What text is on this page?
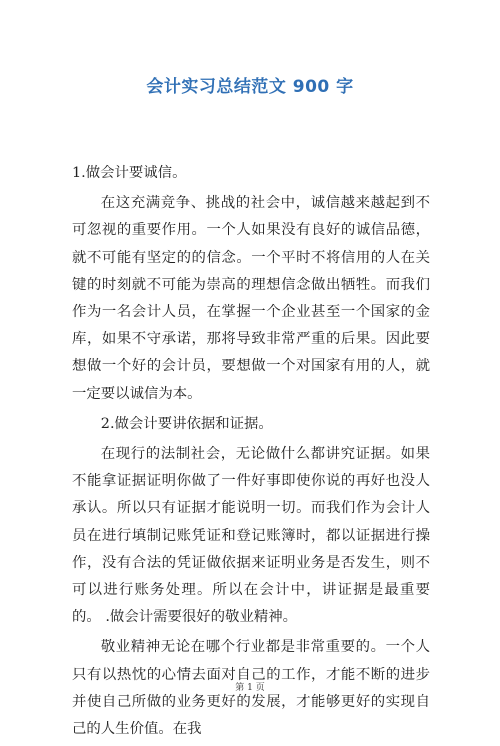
会计实习总结范文 900 字

1.做会计要诚信。

在这充满竞争、挑战的社会中，诚信越来越起到不可忽视的重要作用。一个人如果没有良好的诚信品德，就不可能有坚定的的信念。一个平时不将信用的人在关键的时刻就不可能为崇高的理想信念做出牺牲。而我们作为一名会计人员，在掌握一个企业甚至一个国家的金库，如果不守承诺，那将导致非常严重的后果。因此要想做一个好的会计员，要想做一个对国家有用的人，就一定要以诚信为本。

2.做会计要讲依据和证据。

在现行的法制社会，无论做什么都讲究证据。如果不能拿证据证明你做了一件好事即使你说的再好也没人承认。所以只有证据才能说明一切。而我们作为会计人员在进行填制记账凭证和登记账簿时，都以证据进行操作，没有合法的凭证做依据来证明业务是否发生，则不可以进行账务处理。所以在会计中，讲证据是最重要的。 .做会计需要很好的敬业精神。

敬业精神无论在哪个行业都是非常重要的。一个人只有以热忱的心情去面对自己的工作，才能不断的进步并使自己所做的业务更好的发展，才能够更好的实现自己的人生价值。在我

第 1 页
